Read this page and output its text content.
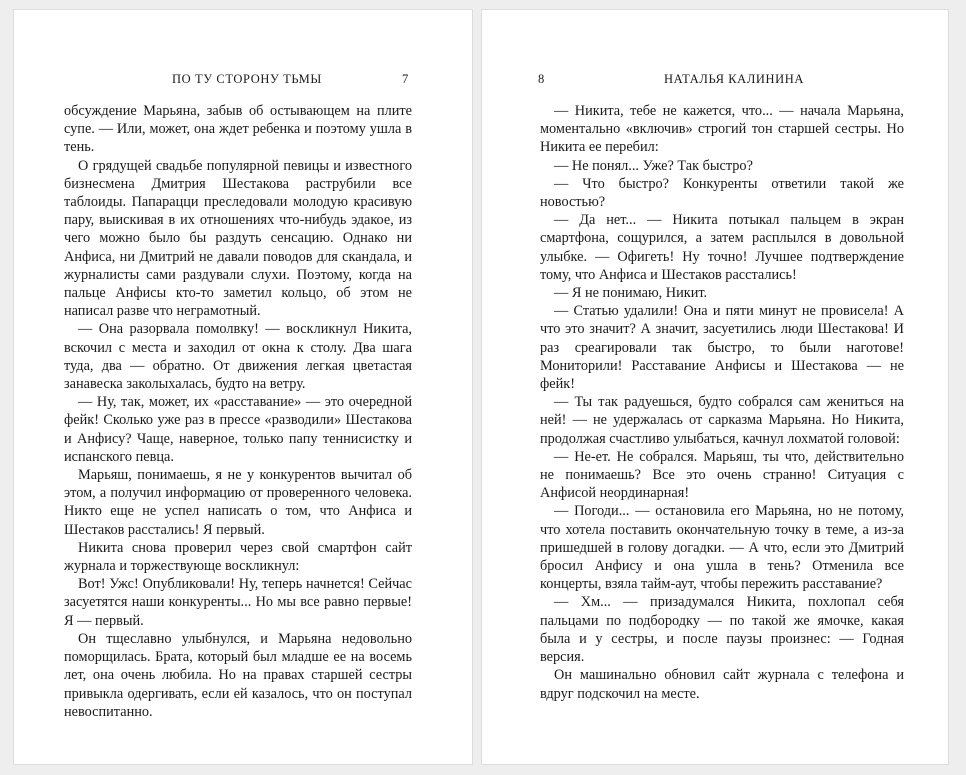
ПО ТУ СТОРОНУ ТЬМЫ	7

обсуждение Марьяна, забыв об остывающем на плите супе. — Или, может, она ждет ребенка и поэтому ушла в тень.

О грядущей свадьбе популярной певицы и известного бизнесмена Дмитрия Шестакова раструбили все таблоиды. Папарацци преследовали молодую красивую пару, выискивая в их отношениях что-нибудь эдакое, из чего можно было бы раздуть сенсацию. Однако ни Анфиса, ни Дмитрий не давали поводов для скандала, и журналисты сами раздували слухи. Поэтому, когда на пальце Анфисы кто-то заметил кольцо, об этом не написал разве что неграмотный.

— Она разорвала помолвку! — воскликнул Никита, вскочил с места и заходил от окна к столу. Два шага туда, два — обратно. От движения легкая цветастая занавеска заколыхалась, будто на ветру.

— Ну, так, может, их «расставание» — это очередной фейк! Сколько уже раз в прессе «разводили» Шестакова и Анфису? Чаще, наверное, только папу теннисистку и испанского певца.

Марьяш, понимаешь, я не у конкурентов вычитал об этом, а получил информацию от проверенного человека. Никто еще не успел написать о том, что Анфиса и Шестаков расстались! Я первый.

Никита снова проверил через свой смартфон сайт журнала и торжествующе воскликнул:

Вот! Ужс! Опубликовали! Ну, теперь начнется! Сейчас засуетятся наши конкуренты... Но мы все равно первые! Я — первый.

Он тщеславно улыбнулся, и Марьяна недовольно поморщилась. Брата, который был младше ее на восемь лет, она очень любила. Но на правах старшей сестры привыкла одергивать, если ей казалось, что он поступал невоспитанно.

8	НАТАЛЬЯ КАЛИНИНА

— Никита, тебе не кажется, что... — начала Марьяна, моментально «включив» строгий тон старшей сестры. Но Никита ее перебил:

— Не понял... Уже? Так быстро?

— Что быстро? Конкуренты ответили такой же новостью?

— Да нет... — Никита потыкал пальцем в экран смартфона, сощурился, а затем расплылся в довольной улыбке. — Офигеть! Ну точно! Лучшее подтверждение тому, что Анфиса и Шестаков расстались!

— Я не понимаю, Никит.

— Статью удалили! Она и пяти минут не провисела! А что это значит? А значит, засуетились люди Шестакова! И раз среагировали так быстро, то были наготове! Мониторили! Расставание Анфисы и Шестакова — не фейк!

— Ты так радуешься, будто собрался сам жениться на ней! — не удержалась от сарказма Марьяна. Но Никита, продолжая счастливо улыбаться, качнул лохматой головой:

— Не-ет. Не собрался. Марьяш, ты что, действительно не понимаешь? Все это очень странно! Ситуация с Анфисой неординарная!

— Погоди... — остановила его Марьяна, но не потому, что хотела поставить окончательную точку в теме, а из-за пришедшей в голову догадки. — А что, если это Дмитрий бросил Анфису и она ушла в тень? Отменила все концерты, взяла тайм-аут, чтобы пережить расставание?

— Хм... — призадумался Никита, похлопал себя пальцами по подбородку — по такой же ямочке, какая была и у сестры, и после паузы произнес: — Годная версия.

Он машинально обновил сайт журнала с телефона и вдруг подскочил на месте.
